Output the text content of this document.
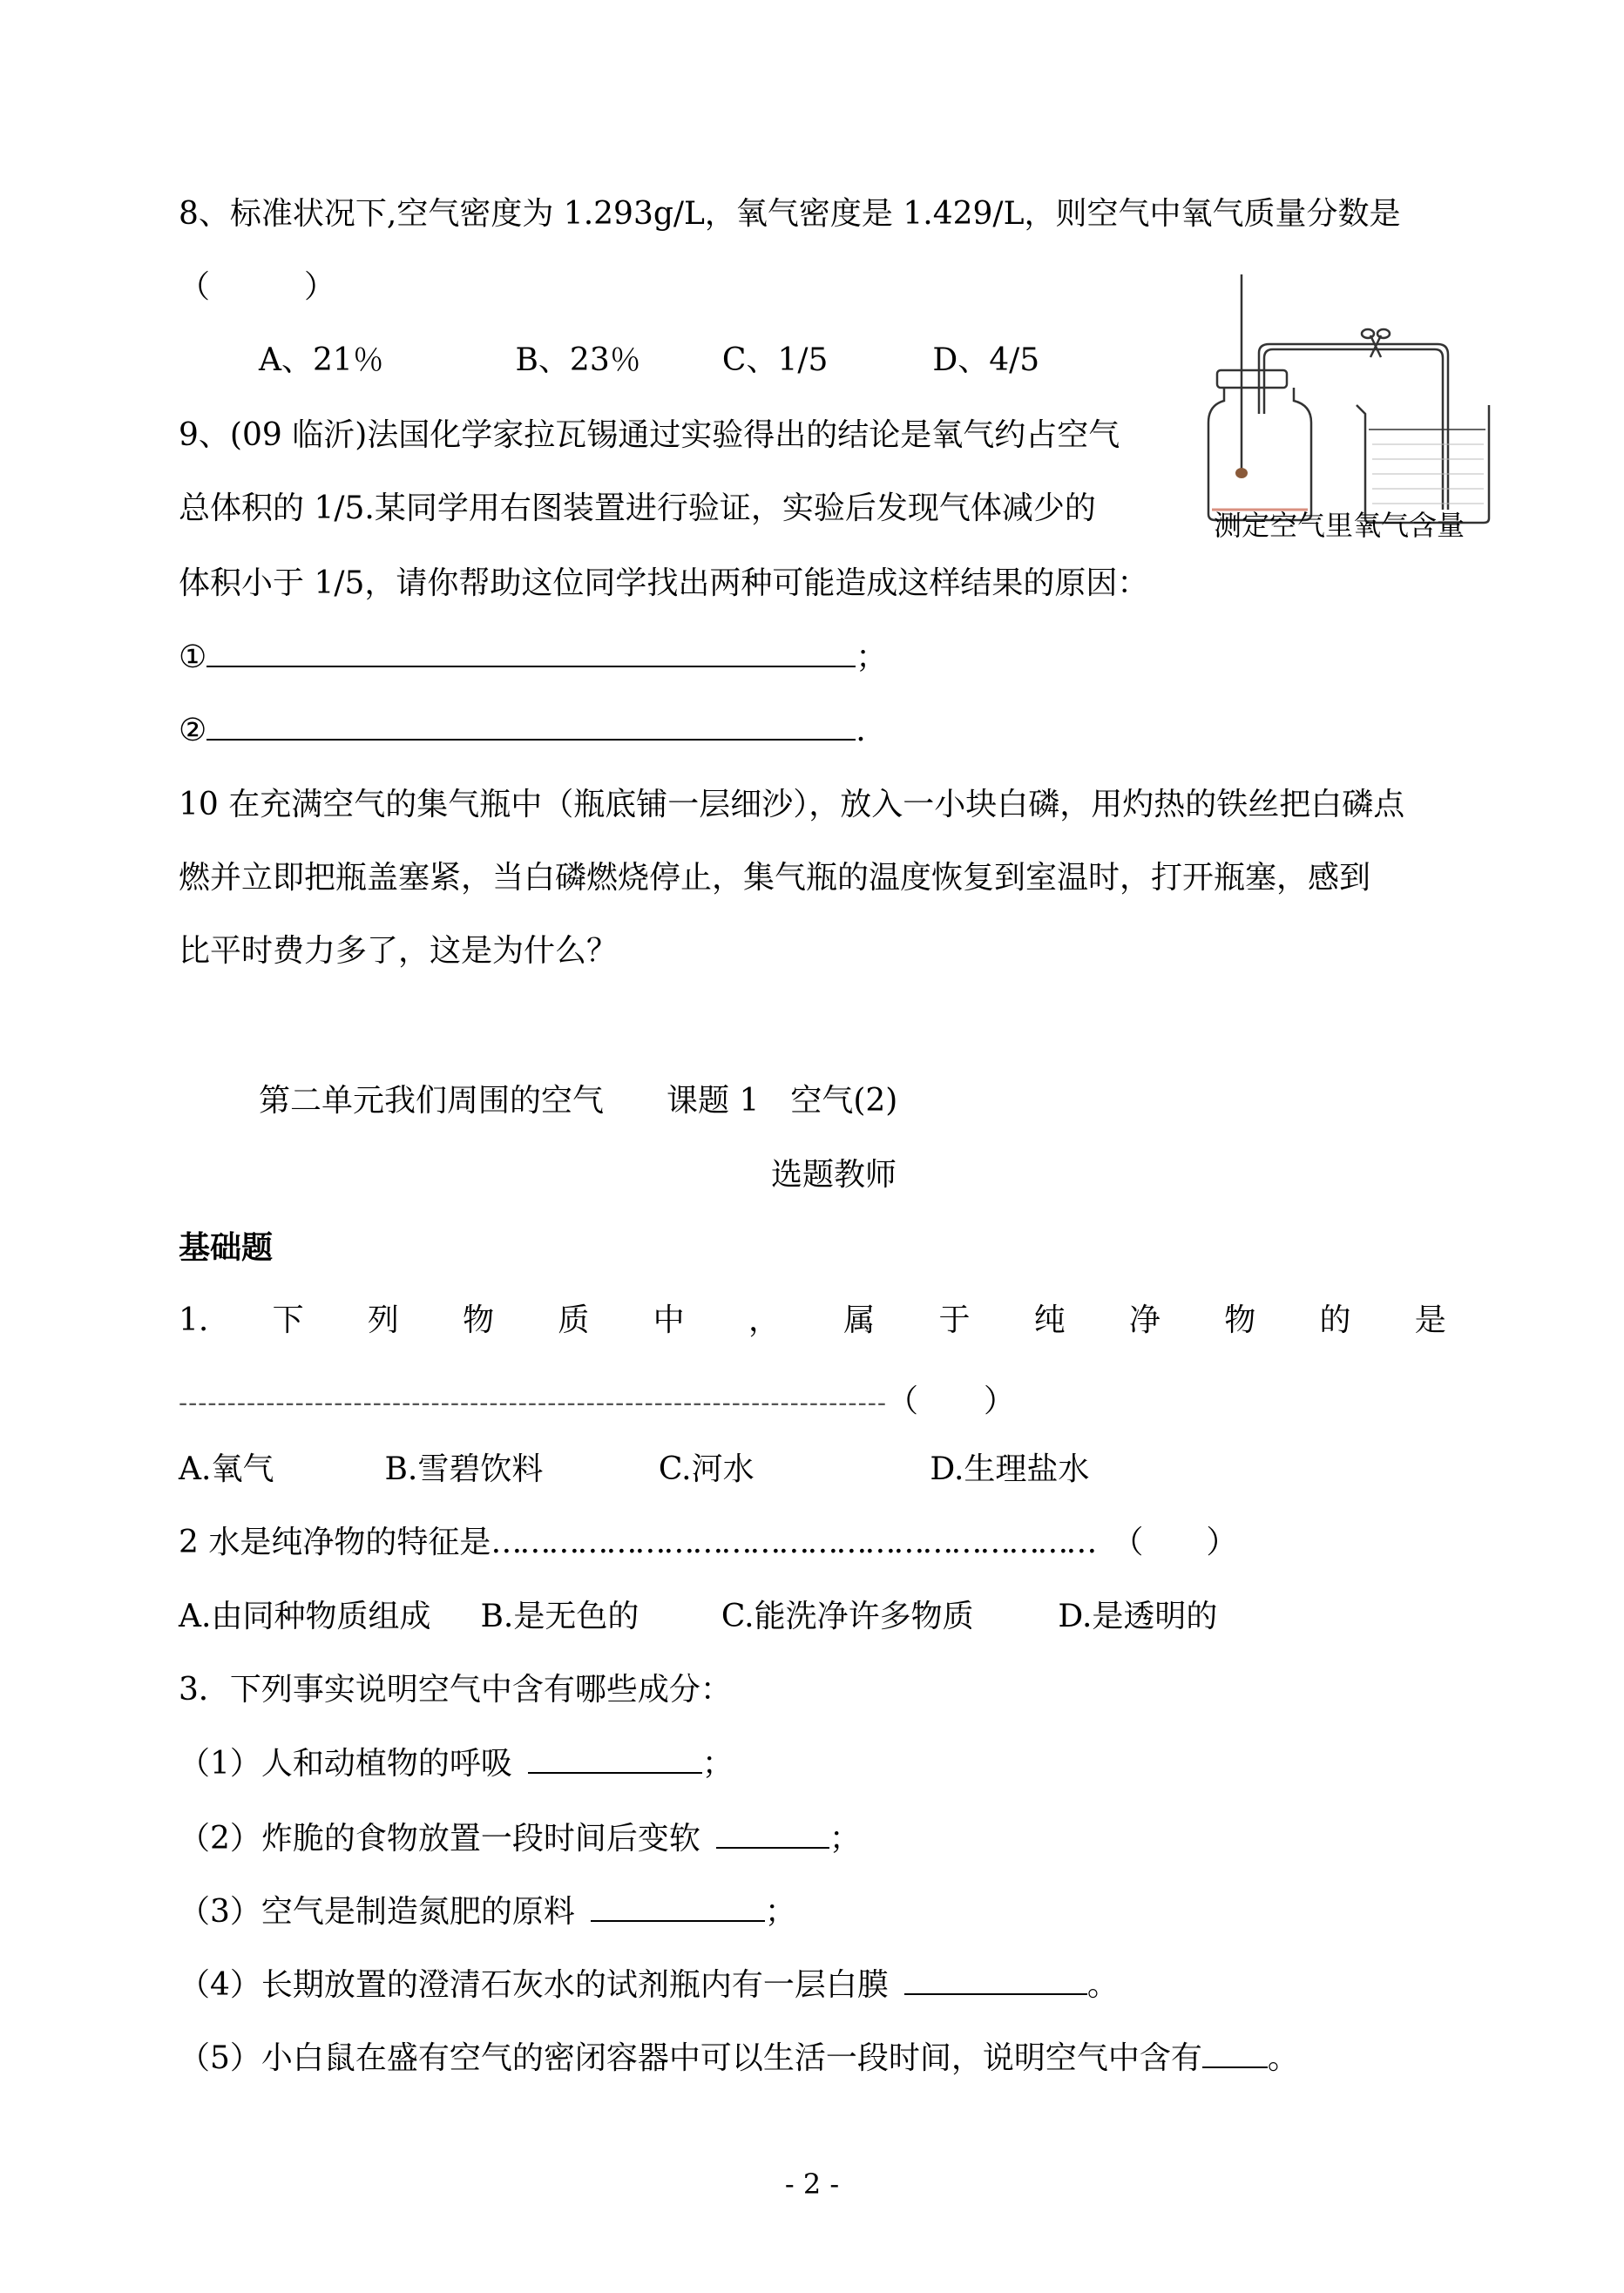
8、标准状况下,空气密度为 1.293g/L，氧气密度是 1.429/L，则空气中氧气质量分数是
（　　　）
A、21％	B、23％	C、1/5	D、4/5
9、(09 临沂)法国化学家拉瓦锡通过实验得出的结论是氧气约占空气
总体积的 1/5.某同学用右图装置进行验证，实验后发现气体减少的
体积小于 1/5，请你帮助这位同学找出两种可能造成这样结果的原因：
①	；
②	.
测定空气里氧气含量
10 在充满空气的集气瓶中（瓶底铺一层细沙），放入一小块白磷，用灼热的铁丝把白磷点
燃并立即把瓶盖塞紧，当白磷燃烧停止，集气瓶的温度恢复到室温时，打开瓶塞，感到
比平时费力多了，这是为什么？
第二单元我们周围的空气　　课题 1　空气(2)
选题教师
基础题
1. 下 列 物 质 中 ， 属 于 纯 净 物 的 是
-------------------------------------------------------------------------（　　）
A.氧气	B.雪碧饮料	C.河水	D.生理盐水
2 水是纯净物的特征是……………………………………………………… （　　）
A.由同种物质组成 B.是无色的	C.能洗净许多物质	D.是透明的
3．下列事实说明空气中含有哪些成分：
（1）人和动植物的呼吸	；
（2）炸脆的食物放置一段时间后变软	；
（3）空气是制造氮肥的原料	；
（4）长期放置的澄清石灰水的试剂瓶内有一层白膜	。
（5）小白鼠在盛有空气的密闭容器中可以生活一段时间，说明空气中含有 。
- 2 -
